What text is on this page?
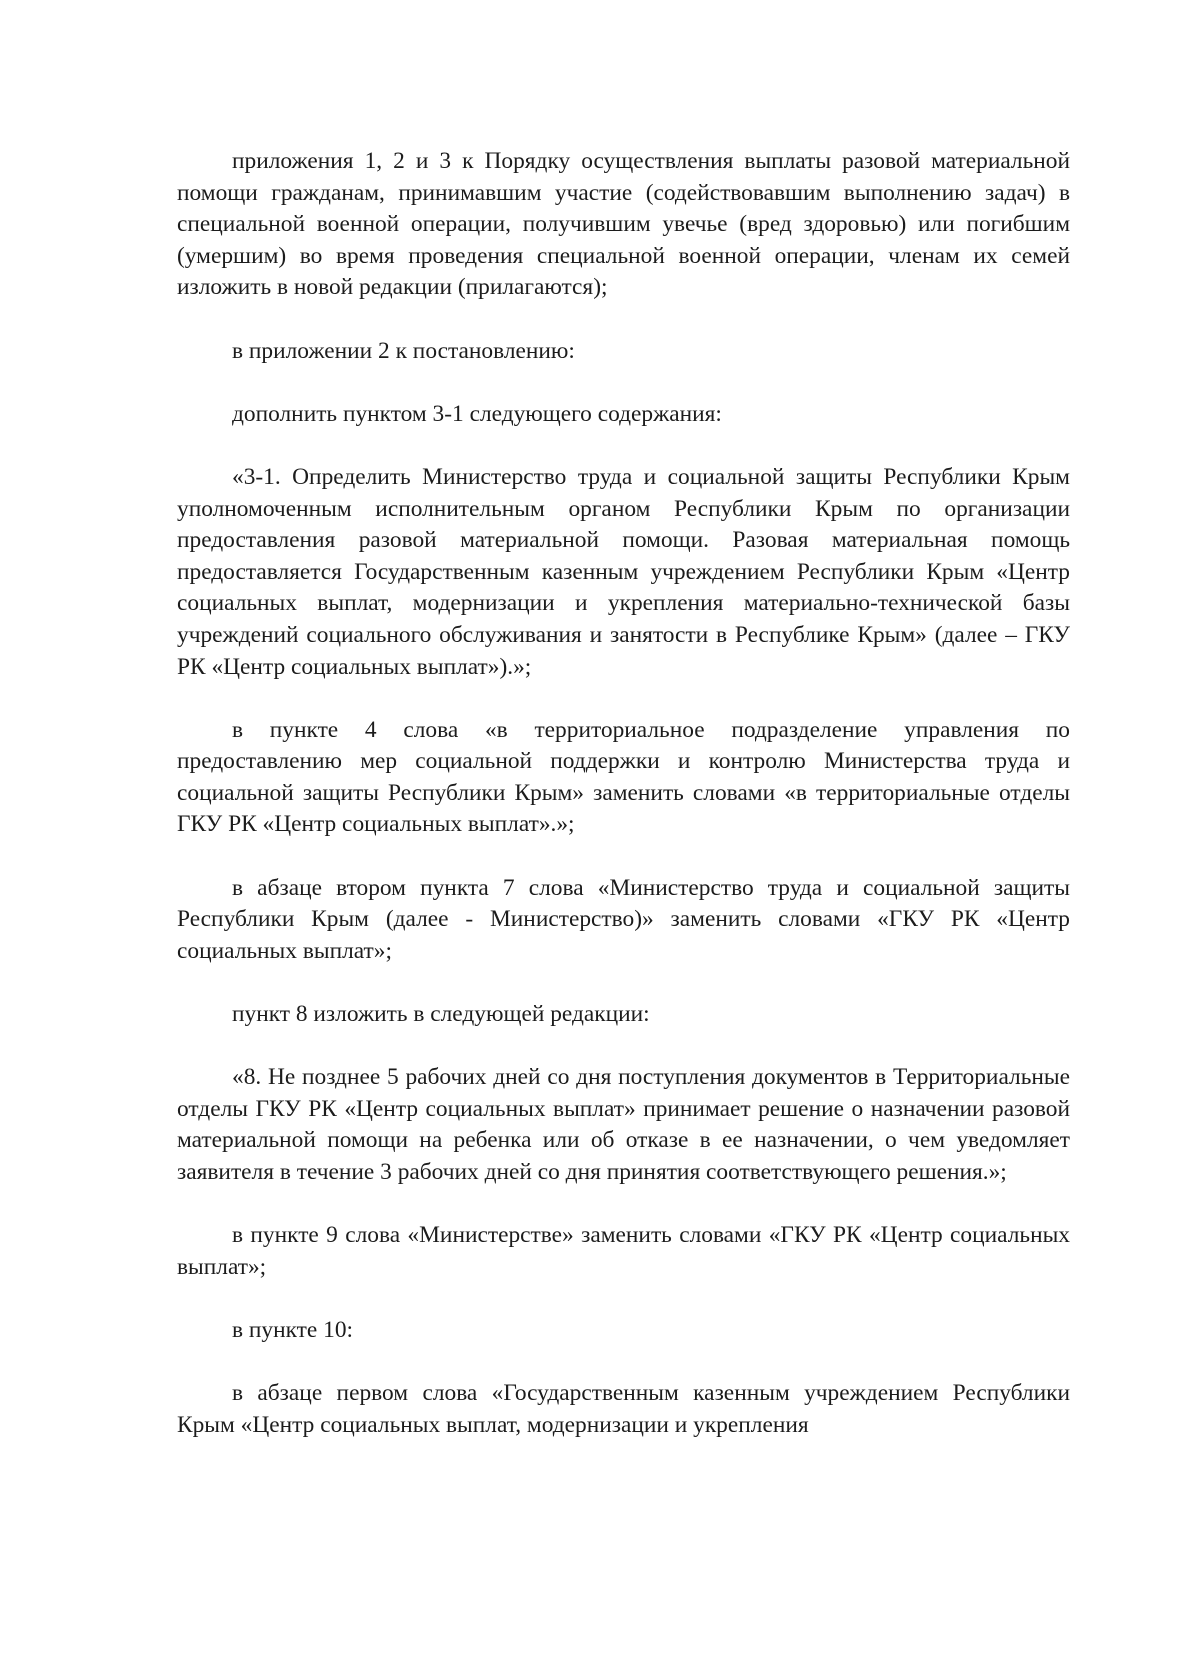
приложения 1, 2 и 3 к Порядку осуществления выплаты разовой материальной помощи гражданам, принимавшим участие (содействовавшим выполнению задач) в специальной военной операции, получившим увечье (вред здоровью) или погибшим (умершим) во время проведения специальной военной операции, членам их семей изложить в новой редакции (прилагаются);

в приложении 2 к постановлению:

дополнить пунктом 3-1 следующего содержания:

«3-1. Определить Министерство труда и социальной защиты Республики Крым уполномоченным исполнительным органом Республики Крым по организации предоставления разовой материальной помощи. Разовая материальная помощь предоставляется Государственным казенным учреждением Республики Крым «Центр социальных выплат, модернизации и укрепления материально-технической базы учреждений социального обслуживания и занятости в Республике Крым» (далее – ГКУ РК «Центр социальных выплат»).»;

в пункте 4 слова «в территориальное подразделение управления по предоставлению мер социальной поддержки и контролю Министерства труда и социальной защиты Республики Крым» заменить словами «в территориальные отделы ГКУ РК «Центр социальных выплат».»;

в абзаце втором пункта 7 слова «Министерство труда и социальной защиты Республики Крым (далее - Министерство)» заменить словами «ГКУ РК «Центр социальных выплат»;

пункт 8 изложить в следующей редакции:

«8. Не позднее 5 рабочих дней со дня поступления документов в Территориальные отделы ГКУ РК «Центр социальных выплат» принимает решение о назначении разовой материальной помощи на ребенка или об отказе в ее назначении, о чем уведомляет заявителя в течение 3 рабочих дней со дня принятия соответствующего решения.»;

в пункте 9 слова «Министерстве» заменить словами «ГКУ РК «Центр социальных выплат»;

в пункте 10:

в абзаце первом слова «Государственным казенным учреждением Республики Крым «Центр социальных выплат, модернизации и укрепления
